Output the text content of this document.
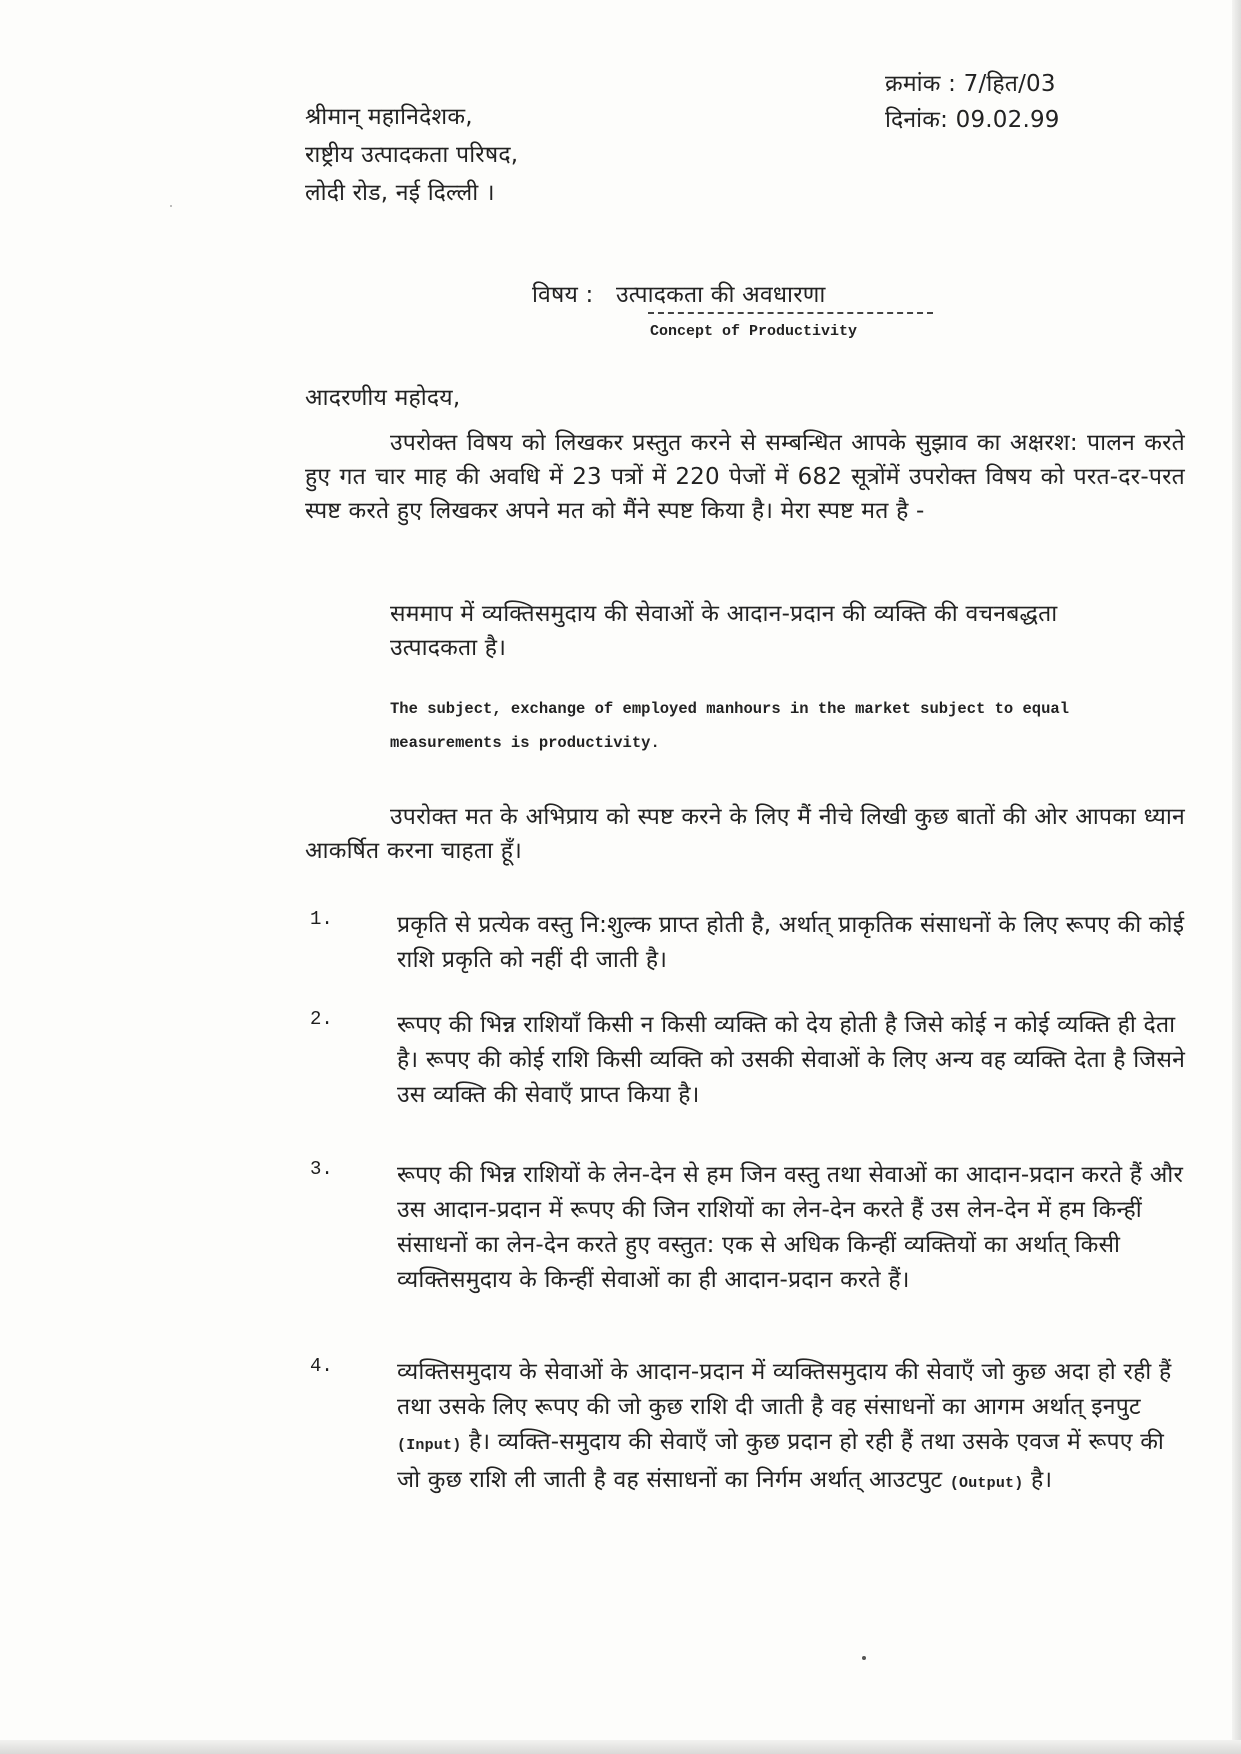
क्रमांक : 7/हित/03
दिनांक: 09.02.99
श्रीमान् महानिदेशक,
राष्ट्रीय उत्पादकता परिषद,
लोदी रोड, नई दिल्ली ।
विषय : उत्पादकता की अवधारणा
Concept of Productivity
आदरणीय महोदय,
उपरोक्त विषय को लिखकर प्रस्तुत करने से सम्बन्धित आपके सुझाव का अक्षरश: पालन करते हुए गत चार माह की अवधि में 23 पत्रों में 220 पेजों में 682 सूत्रोंमें उपरोक्त विषय को परत-दर-परत स्पष्ट करते हुए लिखकर अपने मत को मैंने स्पष्ट किया है। मेरा स्पष्ट मत है -
सममाप में व्यक्तिसमुदाय की सेवाओं के आदान-प्रदान की व्यक्ति की वचनबद्धता उत्पादकता है।
The subject, exchange of employed manhours in the market subject to equal measurements is productivity.
उपरोक्त मत के अभिप्राय को स्पष्ट करने के लिए मैं नीचे लिखी कुछ बातों की ओर आपका ध्यान आकर्षित करना चाहता हूँ।
1.	प्रकृति से प्रत्येक वस्तु नि:शुल्क प्राप्त होती है, अर्थात् प्राकृतिक संसाधनों के लिए रूपए की कोई राशि प्रकृति को नहीं दी जाती है।
2.	रूपए की भिन्न राशियाँ किसी न किसी व्यक्ति को देय होती है जिसे कोई न कोई व्यक्ति ही देता है। रूपए की कोई राशि किसी व्यक्ति को उसकी सेवाओं के लिए अन्य वह व्यक्ति देता है जिसने उस व्यक्ति की सेवाएँ प्राप्त किया है।
3.	रूपए की भिन्न राशियों के लेन-देन से हम जिन वस्तु तथा सेवाओं का आदान-प्रदान करते हैं और उस आदान-प्रदान में रूपए की जिन राशियों का लेन-देन करते हैं उस लेन-देन में हम किन्हीं संसाधनों का लेन-देन करते हुए वस्तुत: एक से अधिक किन्हीं व्यक्तियों का अर्थात् किसी व्यक्तिसमुदाय के किन्हीं सेवाओं का ही आदान-प्रदान करते हैं।
4.	व्यक्तिसमुदाय के सेवाओं के आदान-प्रदान में व्यक्तिसमुदाय की सेवाएँ जो कुछ अदा हो रही हैं तथा उसके लिए रूपए की जो कुछ राशि दी जाती है वह संसाधनों का आगम अर्थात् इनपुट (Input) है। व्यक्ति-समुदाय की सेवाएँ जो कुछ प्रदान हो रही हैं तथा उसके एवज में रूपए की जो कुछ राशि ली जाती है वह संसाधनों का निर्गम अर्थात् आउटपुट (Output) है।
